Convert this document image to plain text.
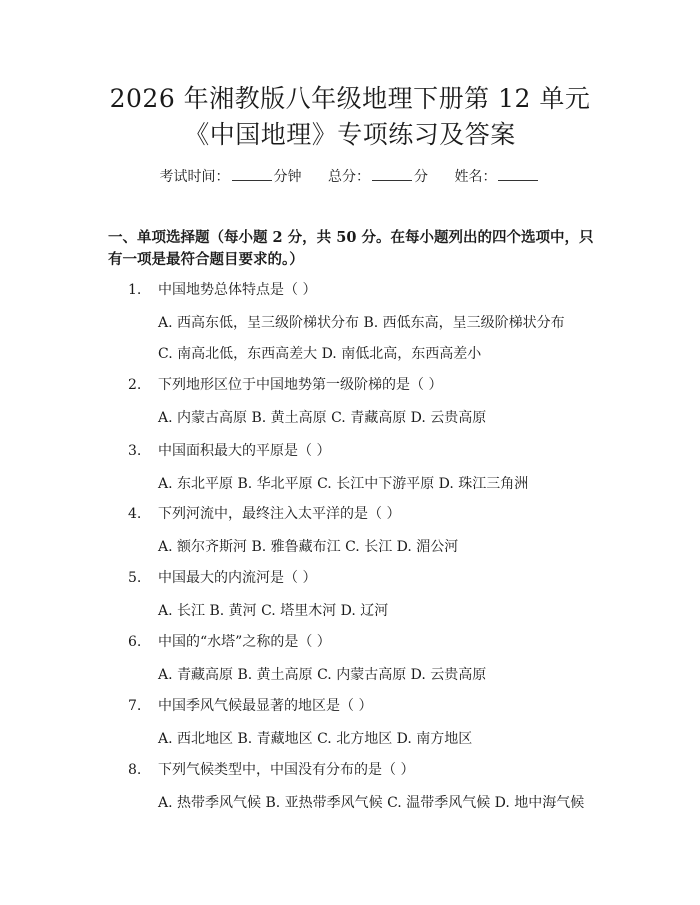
2026 年湘教版八年级地理下册第 12 单元
《中国地理》专项练习及答案
考试时间：	分钟 总分：	分 姓名：
一、单项选择题（每小题 2 分，共 50 分。在每小题列出的四个选项中，只有一项是最符合题目要求的。）
1. 中国地势总体特点是（ ）
A. 西高东低，呈三级阶梯状分布 B. 西低东高，呈三级阶梯状分布
C. 南高北低，东西高差大 D. 南低北高，东西高差小
2. 下列地形区位于中国地势第一级阶梯的是（ ）
A. 内蒙古高原 B. 黄土高原 C. 青藏高原 D. 云贵高原
3. 中国面积最大的平原是（ ）
A. 东北平原 B. 华北平原 C. 长江中下游平原 D. 珠江三角洲
4. 下列河流中，最终注入太平洋的是（ ）
A. 额尔齐斯河 B. 雅鲁藏布江 C. 长江 D. 湄公河
5. 中国最大的内流河是（ ）
A. 长江 B. 黄河 C. 塔里木河 D. 辽河
6. 中国的“水塔”之称的是（ ）
A. 青藏高原 B. 黄土高原 C. 内蒙古高原 D. 云贵高原
7. 中国季风气候最显著的地区是（ ）
A. 西北地区 B. 青藏地区 C. 北方地区 D. 南方地区
8. 下列气候类型中，中国没有分布的是（ ）
A. 热带季风气候 B. 亚热带季风气候 C. 温带季风气候 D. 地中海气候
